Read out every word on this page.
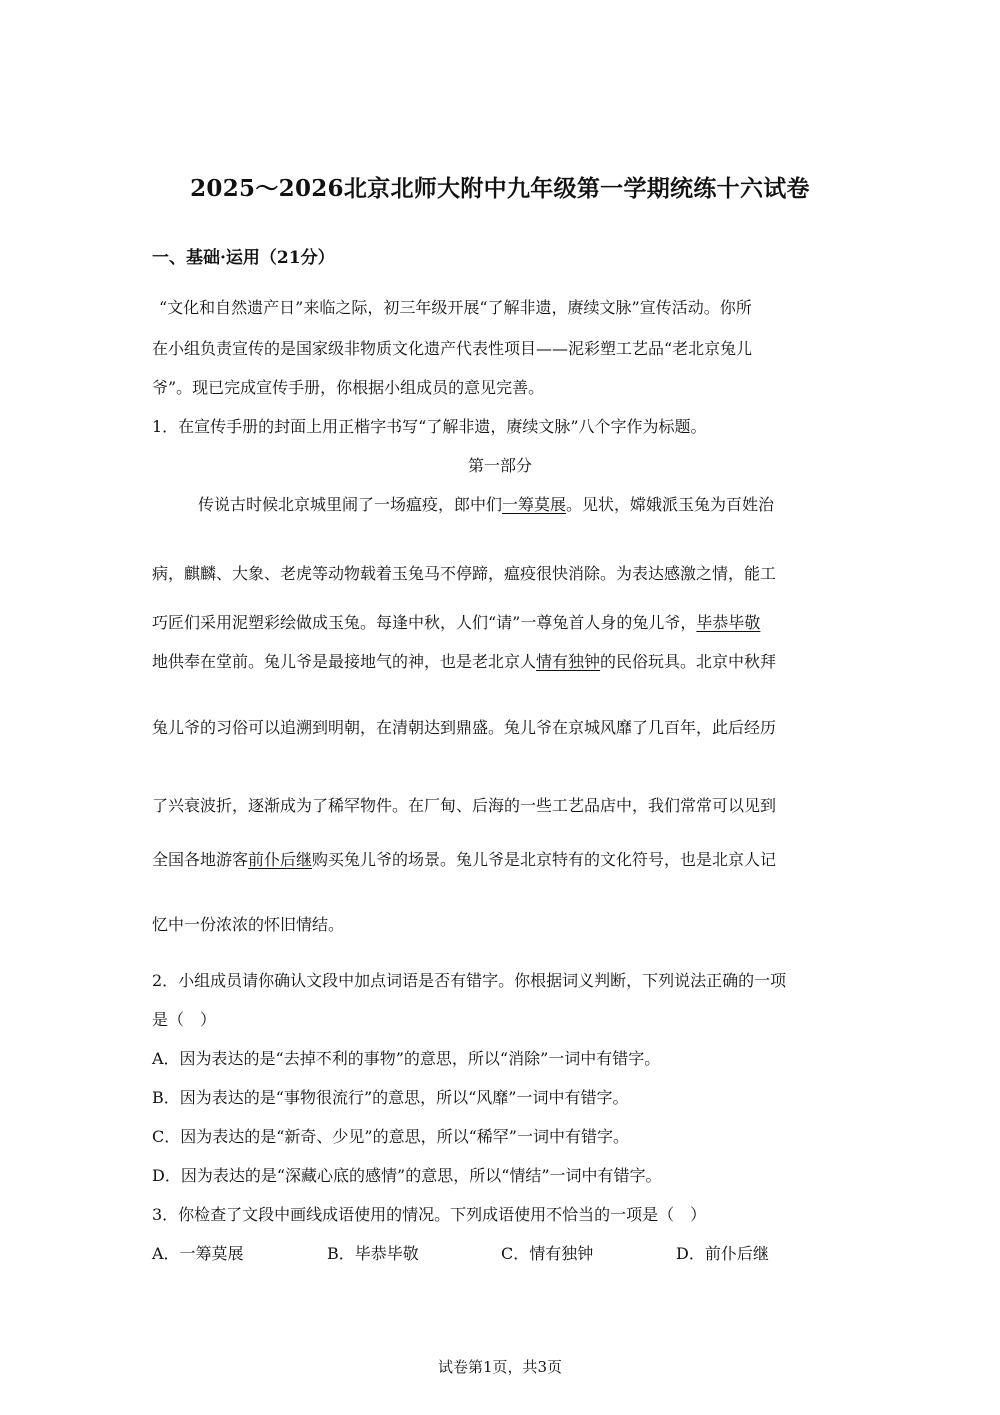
2025～2026北京北师大附中九年级第一学期统练十六试卷
一、基础·运用（21分）
“文化和自然遗产日”来临之际，初三年级开展“了解非遗，赓续文脉”宣传活动。你所
在小组负责宣传的是国家级非物质文化遗产代表性项目——泥彩塑工艺品“老北京兔儿
爷”。现已完成宣传手册，你根据小组成员的意见完善。
1．在宣传手册的封面上用正楷字书写“了解非遗，赓续文脉”八个字作为标题。
第一部分
传说古时候北京城里闹了一场瘟疫，郎中们一筹莫展。见状，嫦娥派玉兔为百姓治
病，麒麟、大象、老虎等动物载着玉兔马不停蹄，瘟疫很快消除。为表达感激之情，能工
巧匠们采用泥塑彩绘做成玉兔。每逢中秋，人们“请”一尊兔首人身的兔儿爷，毕恭毕敬
地供奉在堂前。兔儿爷是最接地气的神，也是老北京人情有独钟的民俗玩具。北京中秋拜
兔儿爷的习俗可以追溯到明朝，在清朝达到鼎盛。兔儿爷在京城风靡了几百年，此后经历
了兴衰波折，逐渐成为了稀罕物件。在厂甸、后海的一些工艺品店中，我们常常可以见到
全国各地游客前仆后继购买兔儿爷的场景。兔儿爷是北京特有的文化符号，也是北京人记
忆中一份浓浓的怀旧情结。
2．小组成员请你确认文段中加点词语是否有错字。你根据词义判断，下列说法正确的一项
是（　）
A．因为表达的是“去掉不利的事物”的意思，所以“消除”一词中有错字。
B．因为表达的是“事物很流行”的意思，所以“风靡”一词中有错字。
C．因为表达的是“新奇、少见”的意思，所以“稀罕”一词中有错字。
D．因为表达的是“深藏心底的感情”的意思，所以“情结”一词中有错字。
3．你检查了文段中画线成语使用的情况。下列成语使用不恰当的一项是（　）
A．一筹莫展	B．毕恭毕敬	C．情有独钟	D．前仆后继
试卷第1页，共3页
